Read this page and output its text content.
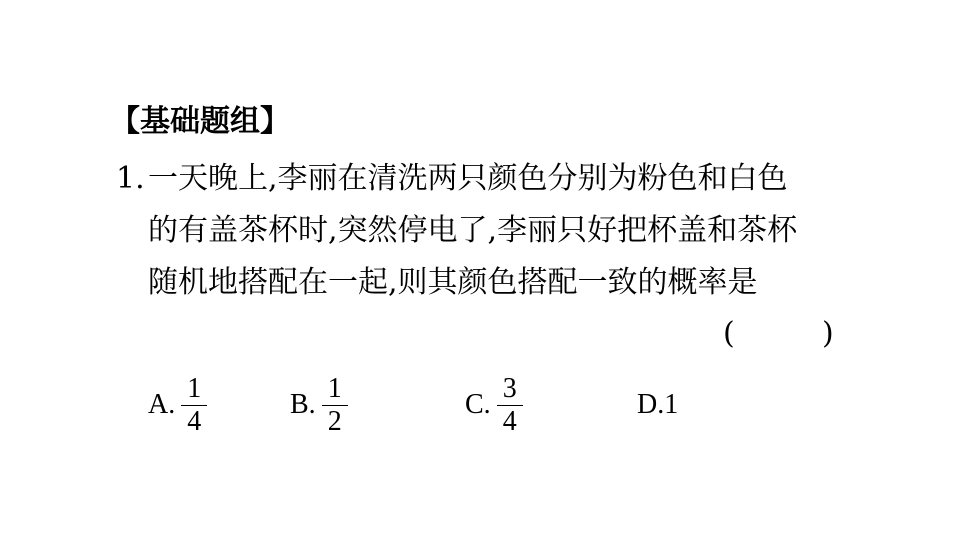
【基础题组】
1. 一天晚上,李丽在清洗两只颜色分别为粉色和白色
的有盖茶杯时,突然停电了,李丽只好把杯盖和茶杯
随机地搭配在一起,则其颜色搭配一致的概率是
(	)
A. $\frac{1}{4}$	B. $\frac{1}{2}$	C. $\frac{3}{4}$	D. 1
